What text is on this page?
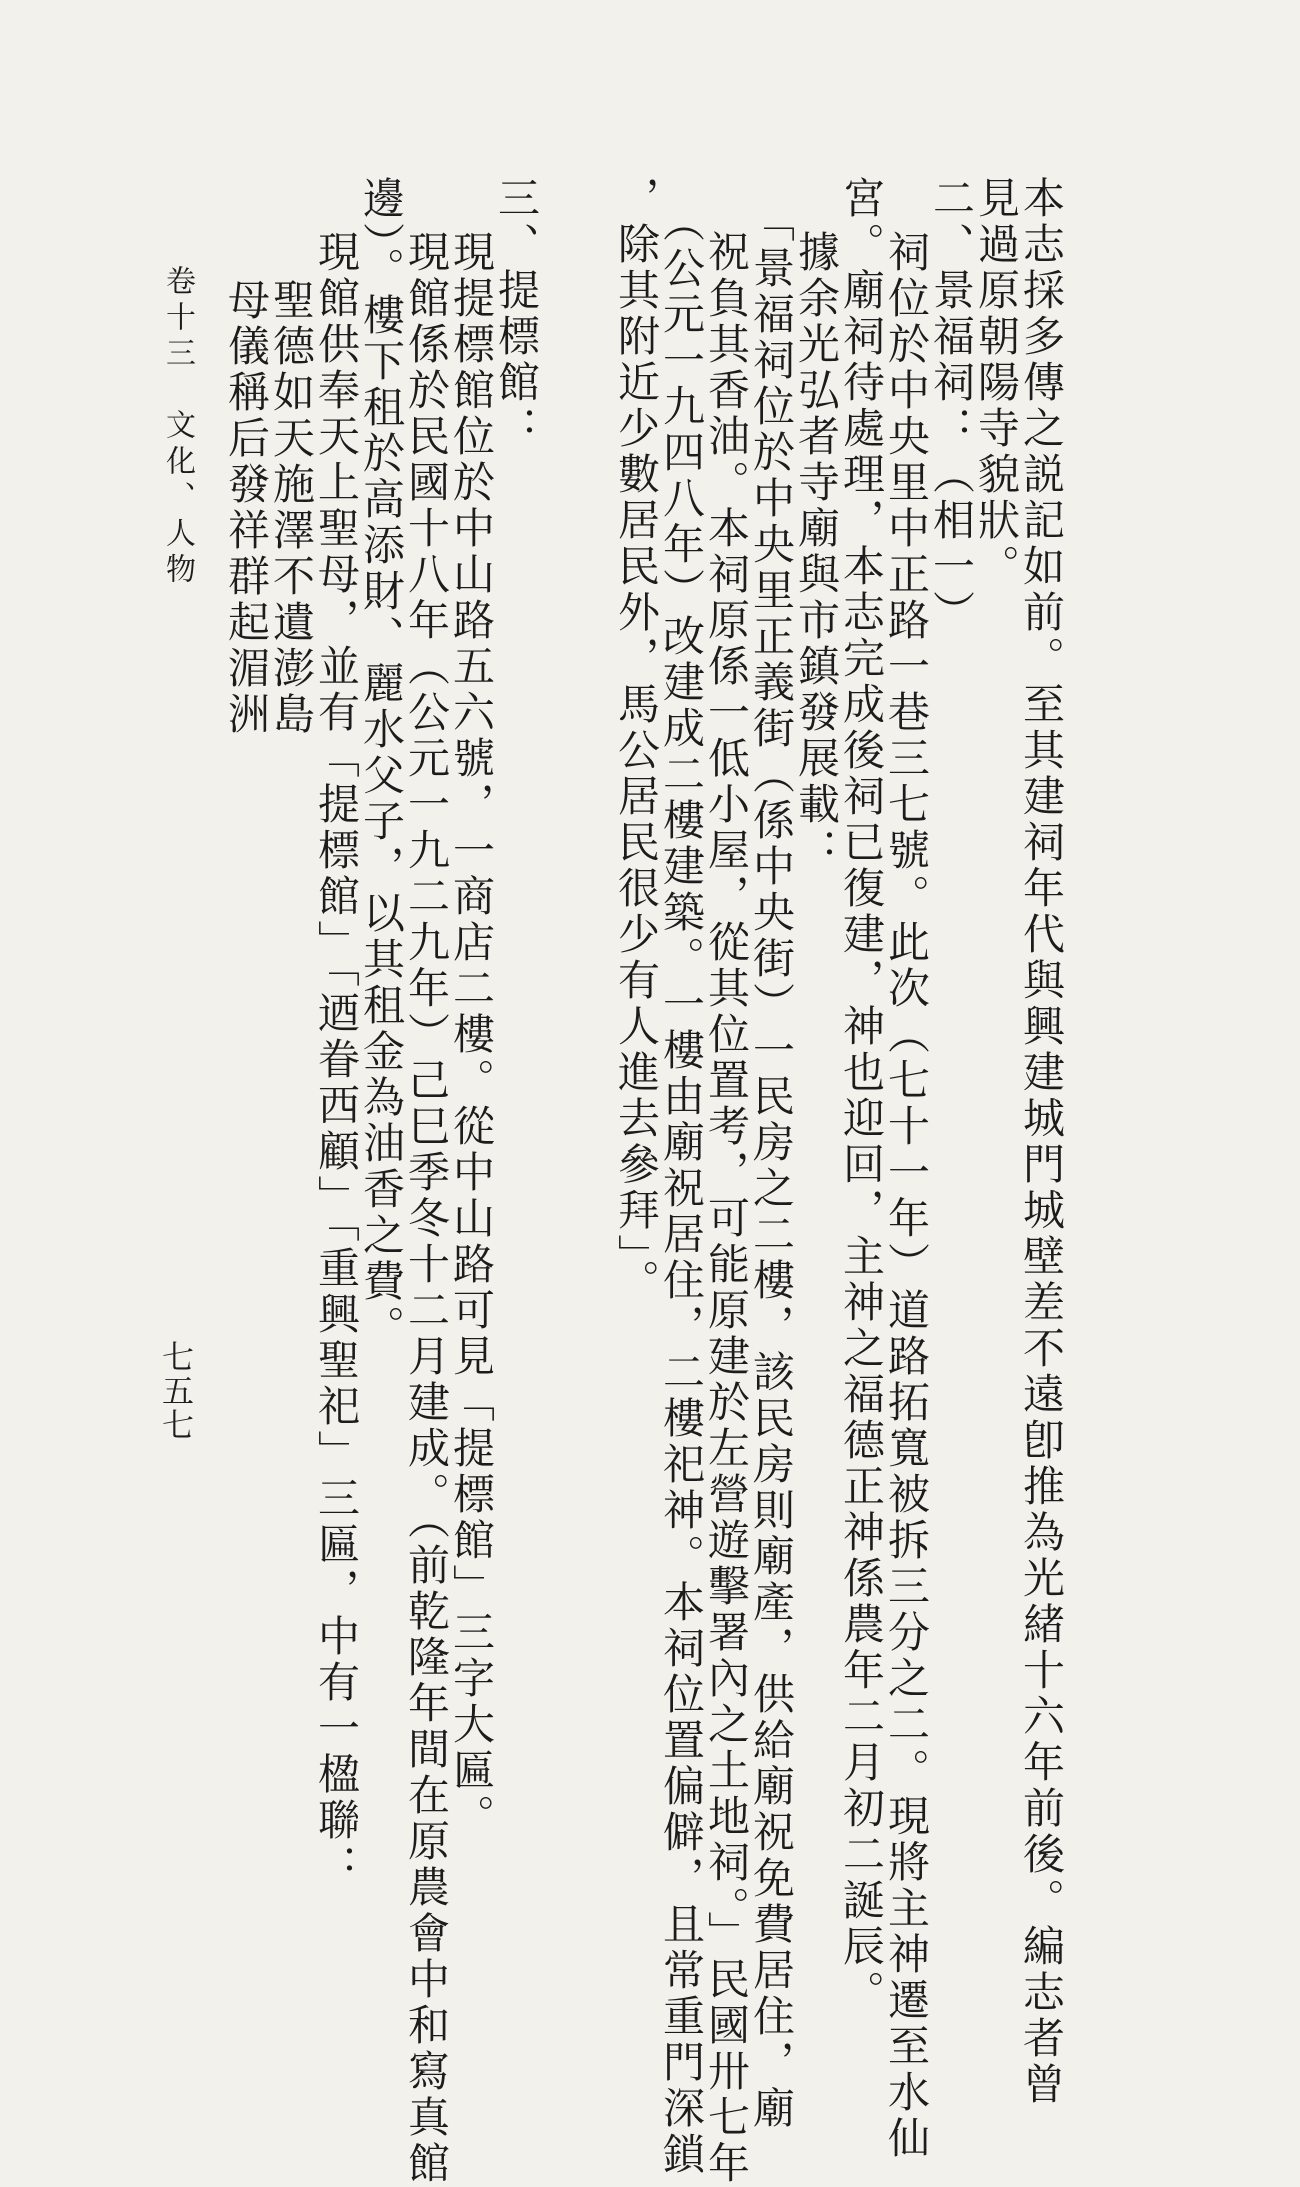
本志採多傳之説記如前。至其建祠年代與興建城門城壁差不遠卽推為光緒十六年前後。編志者曾
見過原朝陽寺貌狀。
二、景福祠：（相一）
祠位於中央里中正路一巷三七號。此次（七十一年）道路拓寬被拆三分之二。現將主神遷至水仙
宮。廟祠待處理，本志完成後祠已復建，神也迎回，主神之福德正神係農年二月初二誕辰。
據余光弘者寺廟與市鎮發展載：
「景福祠位於中央里正義街（係中央街）一民房之二樓，該民房則廟產，供給廟祝免費居住，廟
祝負其香油。本祠原係一低小屋，從其位置考，可能原建於左營遊擊署內之土地祠。」民國卅七年
（公元一九四八年）改建成二樓建築。一樓由廟祝居住，二樓祀神。本祠位置偏僻，且常重門深鎖
，除其附近少數居民外，馬公居民很少有人進去參拜」。
三、提標館：
現提標館位於中山路五六號，一商店二樓。從中山路可見「提標館」三字大匾。
現館係於民國十八年（公元一九二九年）己巳季冬十二月建成。（前乾隆年間在原農會中和寫真館
邊）。樓下租於高添財、麗水父子，以其租金為油香之費。
現館供奉天上聖母，並有「提標館」「迺眷西顧」「重興聖祀」三匾，中有一楹聯：
聖德如天施澤不遺澎島
母儀稱后發祥群起湄洲
卷十三　文化、人物
七五七
